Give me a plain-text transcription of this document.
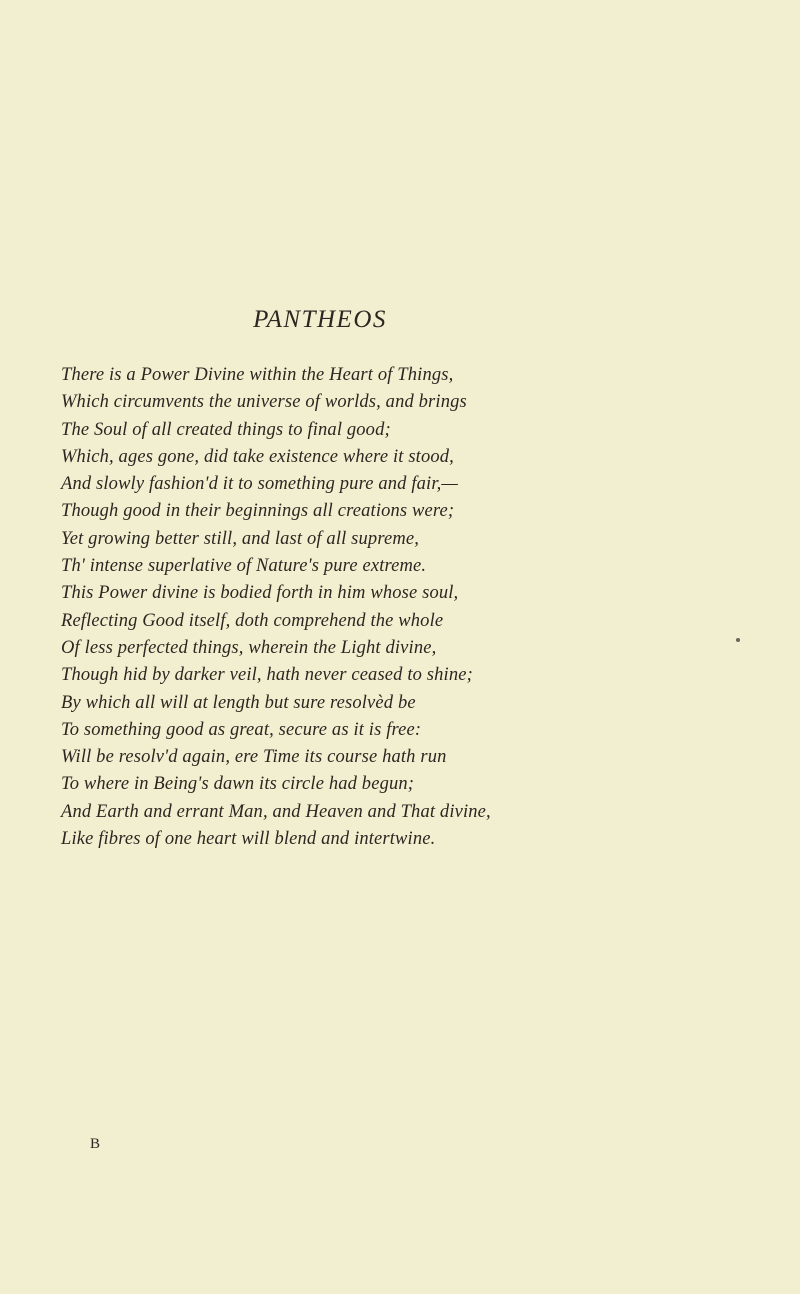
PANTHEOS
There is a Power Divine within the Heart of Things,
Which circumvents the universe of worlds, and brings
The Soul of all created things to final good;
Which, ages gone, did take existence where it stood,
And slowly fashion'd it to something pure and fair,—
Though good in their beginnings all creations were;
Yet growing better still, and last of all supreme,
Th' intense superlative of Nature's pure extreme.
This Power divine is bodied forth in him whose soul,
Reflecting Good itself, doth comprehend the whole
Of less perfected things, wherein the Light divine,
Though hid by darker veil, hath never ceased to shine;
By which all will at length but sure resolvèd be
To something good as great, secure as it is free:
Will be resolv'd again, ere Time its course hath run
To where in Being's dawn its circle had begun;
And Earth and errant Man, and Heaven and That divine,
Like fibres of one heart will blend and intertwine.
B
